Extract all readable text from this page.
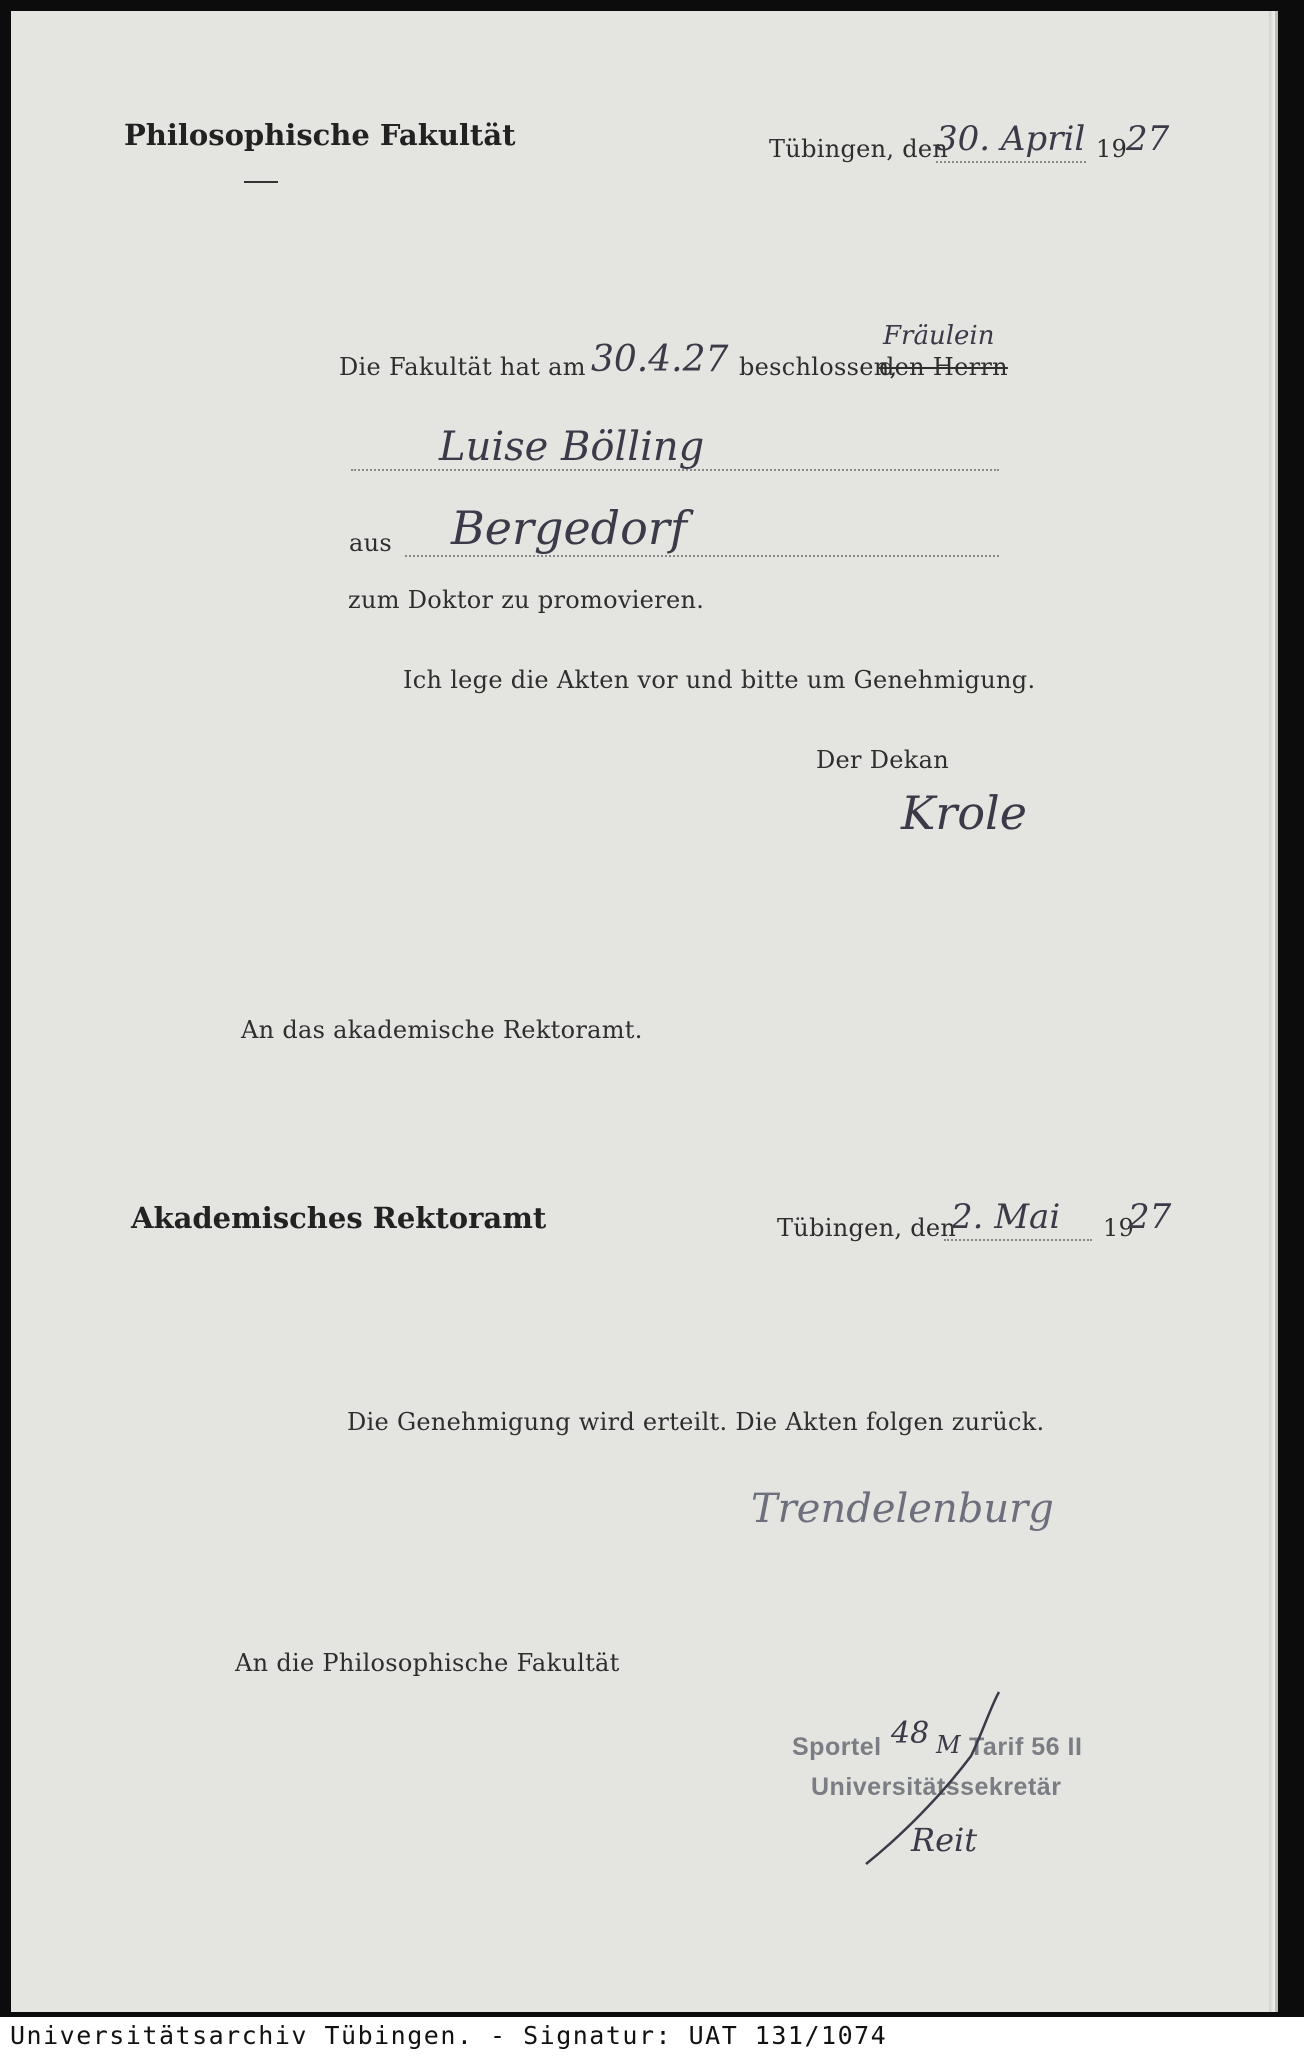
Philosophische Fakultät	Tübingen, den
30. April 19
27
Fräulein
Die Fakultät hat am 30.4.27 beschlossen,
den Herrn
Luise Bölling
aus Bergedorf
zum Doktor zu promovieren.
Ich lege die Akten vor und bitte um Genehmigung.
Der Dekan
Krole
An das akademische Rektoramt.
Akademisches Rektoramt	Tübingen, den
2. Mai 19
27
Die Genehmigung wird erteilt. Die Akten folgen zurück.
Trendelenburg
An die Philosophische Fakultät
Sportel 48 M Tarif 56 II
Universitätssekretär
Reit
Universitätsarchiv Tübingen. - Signatur: UAT 131/1074
